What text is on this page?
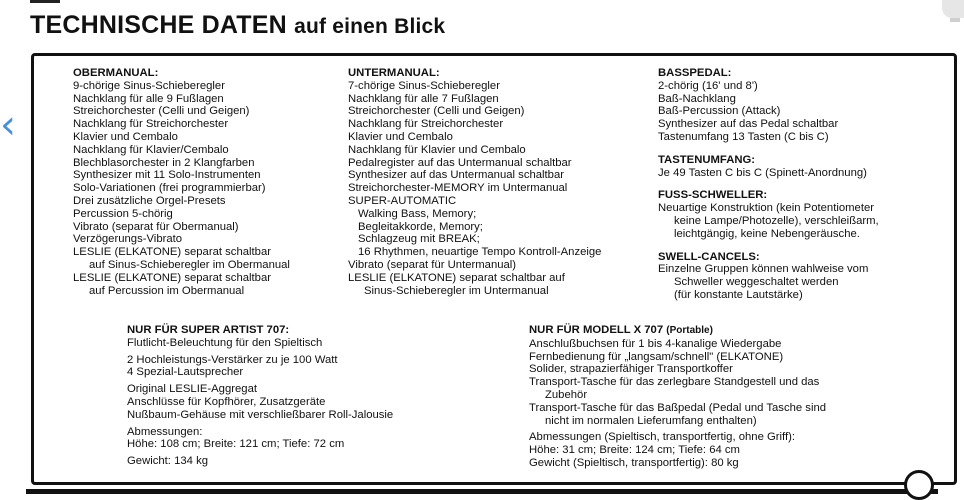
TECHNISCHE DATEN auf einen Blick
‹
OBERMANUAL:
9-chörige Sinus-Schieberegler
Nachklang für alle 9 Fußlagen
Streichorchester (Celli und Geigen)
Nachklang für Streichorchester
Klavier und Cembalo
Nachklang für Klavier/Cembalo
Blechblasorchester in 2 Klangfarben
Synthesizer mit 11 Solo-Instrumenten
Solo-Variationen (frei programmierbar)
Drei zusätzliche Orgel-Presets
Percussion 5-chörig
Vibrato (separat für Obermanual)
Verzögerungs-Vibrato
LESLIE (ELKATONE) separat schaltbar
auf Sinus-Schieberegler im Obermanual
LESLIE (ELKATONE) separat schaltbar
auf Percussion im Obermanual
UNTERMANUAL:
7-chörige Sinus-Schieberegler
Nachklang für alle 7 Fußlagen
Streichorchester (Celli und Geigen)
Nachklang für Streichorchester
Klavier und Cembalo
Nachklang für Klavier und Cembalo
Pedalregister auf das Untermanual schaltbar
Synthesizer auf das Untermanual schaltbar
Streichorchester-MEMORY im Untermanual
SUPER-AUTOMATIC
Walking Bass, Memory;
Begleitakkorde, Memory;
Schlagzeug mit BREAK;
16 Rhythmen, neuartige Tempo Kontroll-Anzeige
Vibrato (separat für Untermanual)
LESLIE (ELKATONE) separat schaltbar auf
Sinus-Schieberegler im Untermanual
BASSPEDAL:
2-chörig (16' und 8')
Baß-Nachklang
Baß-Percussion (Attack)
Synthesizer auf das Pedal schaltbar
Tastenumfang 13 Tasten (C bis C)
TASTENUMFANG:
Je 49 Tasten C bis C (Spinett-Anordnung)
FUSS-SCHWELLER:
Neuartige Konstruktion (kein Potentiometer
keine Lampe/Photozelle), verschleißarm,
leichtgängig, keine Nebengeräusche.
SWELL-CANCELS:
Einzelne Gruppen können wahlweise vom
Schweller weggeschaltet werden
(für konstante Lautstärke)
NUR FÜR SUPER ARTIST 707:
Flutlicht-Beleuchtung für den Spieltisch
2 Hochleistungs-Verstärker zu je 100 Watt
4 Spezial-Lautsprecher
Original LESLIE-Aggregat
Anschlüsse für Kopfhörer, Zusatzgeräte
Nußbaum-Gehäuse mit verschließbarer Roll-Jalousie
Abmessungen:
Höhe: 108 cm; Breite: 121 cm; Tiefe: 72 cm
Gewicht: 134 kg
NUR FÜR MODELL X 707 (Portable)
Anschlußbuchsen für 1 bis 4-kanalige Wiedergabe
Fernbedienung für „langsam/schnell" (ELKATONE)
Solider, strapazierfähiger Transportkoffer
Transport-Tasche für das zerlegbare Standgestell und das
Zubehör
Transport-Tasche für das Baßpedal (Pedal und Tasche sind
nicht im normalen Lieferumfang enthalten)
Abmessungen (Spieltisch, transportfertig, ohne Griff):
Höhe: 31 cm; Breite: 124 cm; Tiefe: 64 cm
Gewicht (Spieltisch, transportfertig): 80 kg
